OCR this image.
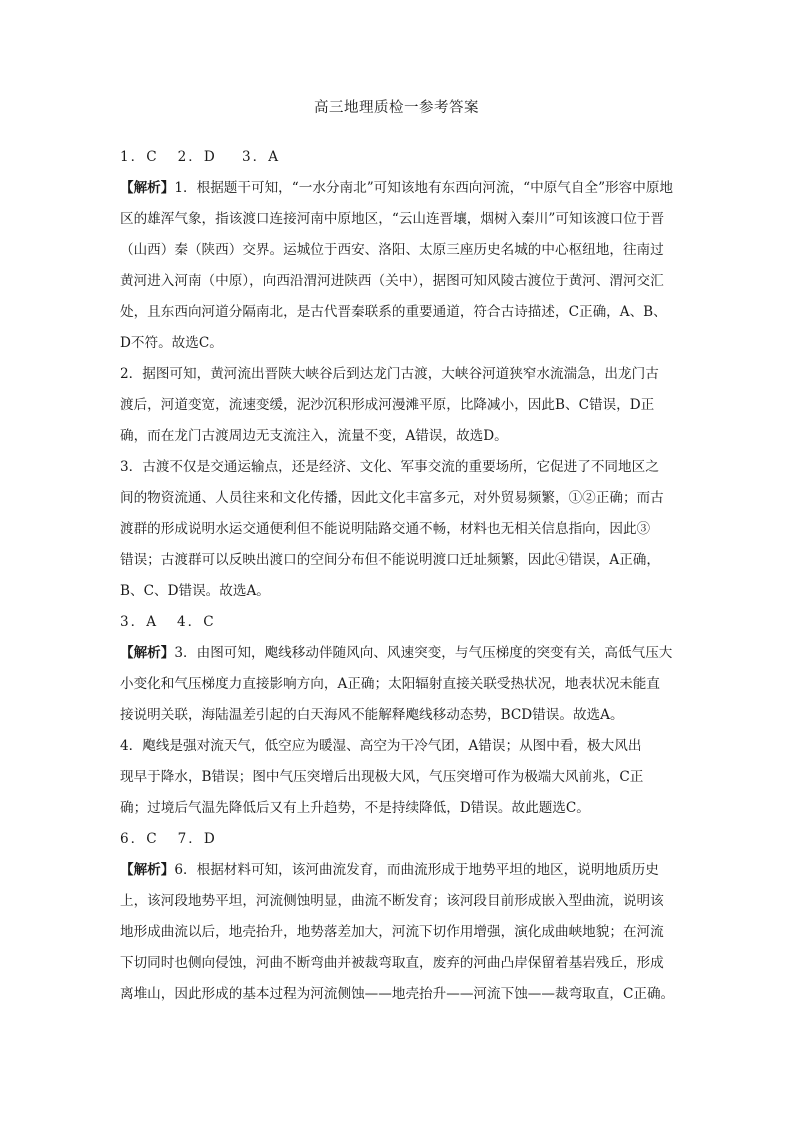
高三地理质检一参考答案
1．C   2．D    3．A
【解析】1．根据题干可知，“一水分南北”可知该地有东西向河流，“中原气自全”形容中原地
区的雄浑气象，指该渡口连接河南中原地区，“云山连晋壤，烟树入秦川”可知该渡口位于晋
（山西）秦（陕西）交界。运城位于西安、洛阳、太原三座历史名城的中心枢纽地，往南过
黄河进入河南（中原），向西沿渭河进陕西（关中），据图可知风陵古渡位于黄河、渭河交汇
处，且东西向河道分隔南北，是古代晋秦联系的重要通道，符合古诗描述，C正确，A、B、
D不符。故选C。
2．据图可知，黄河流出晋陕大峡谷后到达龙门古渡，大峡谷河道狭窄水流湍急，出龙门古
渡后，河道变宽，流速变缓，泥沙沉积形成河漫滩平原，比降减小，因此B、C错误，D正
确，而在龙门古渡周边无支流注入，流量不变，A错误，故选D。
3．古渡不仅是交通运输点，还是经济、文化、军事交流的重要场所，它促进了不同地区之
间的物资流通、人员往来和文化传播，因此文化丰富多元，对外贸易频繁，①②正确；而古
渡群的形成说明水运交通便利但不能说明陆路交通不畅，材料也无相关信息指向，因此③
错误；古渡群可以反映出渡口的空间分布但不能说明渡口迁址频繁，因此④错误，A正确，
B、C、D错误。故选A。
3．A   4．C
【解析】3．由图可知，飑线移动伴随风向、风速突变，与气压梯度的突变有关，高低气压大
小变化和气压梯度力直接影响方向，A正确；太阳辐射直接关联受热状况，地表状况未能直
接说明关联，海陆温差引起的白天海风不能解释飑线移动态势，BCD错误。故选A。
4．飑线是强对流天气，低空应为暖湿、高空为干冷气团，A错误；从图中看，极大风出
现早于降水，B错误；图中气压突增后出现极大风，气压突增可作为极端大风前兆，C正
确；过境后气温先降低后又有上升趋势，不是持续降低，D错误。故此题选C。
6．C   7．D
【解析】6．根据材料可知，该河曲流发育，而曲流形成于地势平坦的地区，说明地质历史
上，该河段地势平坦，河流侧蚀明显，曲流不断发育；该河段目前形成嵌入型曲流，说明该
地形成曲流以后，地壳抬升，地势落差加大，河流下切作用增强，演化成曲峡地貌；在河流
下切同时也侧向侵蚀，河曲不断弯曲并被裁弯取直，废弃的河曲凸岸保留着基岩残丘，形成
离堆山，因此形成的基本过程为河流侧蚀——地壳抬升——河流下蚀——裁弯取直，C正确。
